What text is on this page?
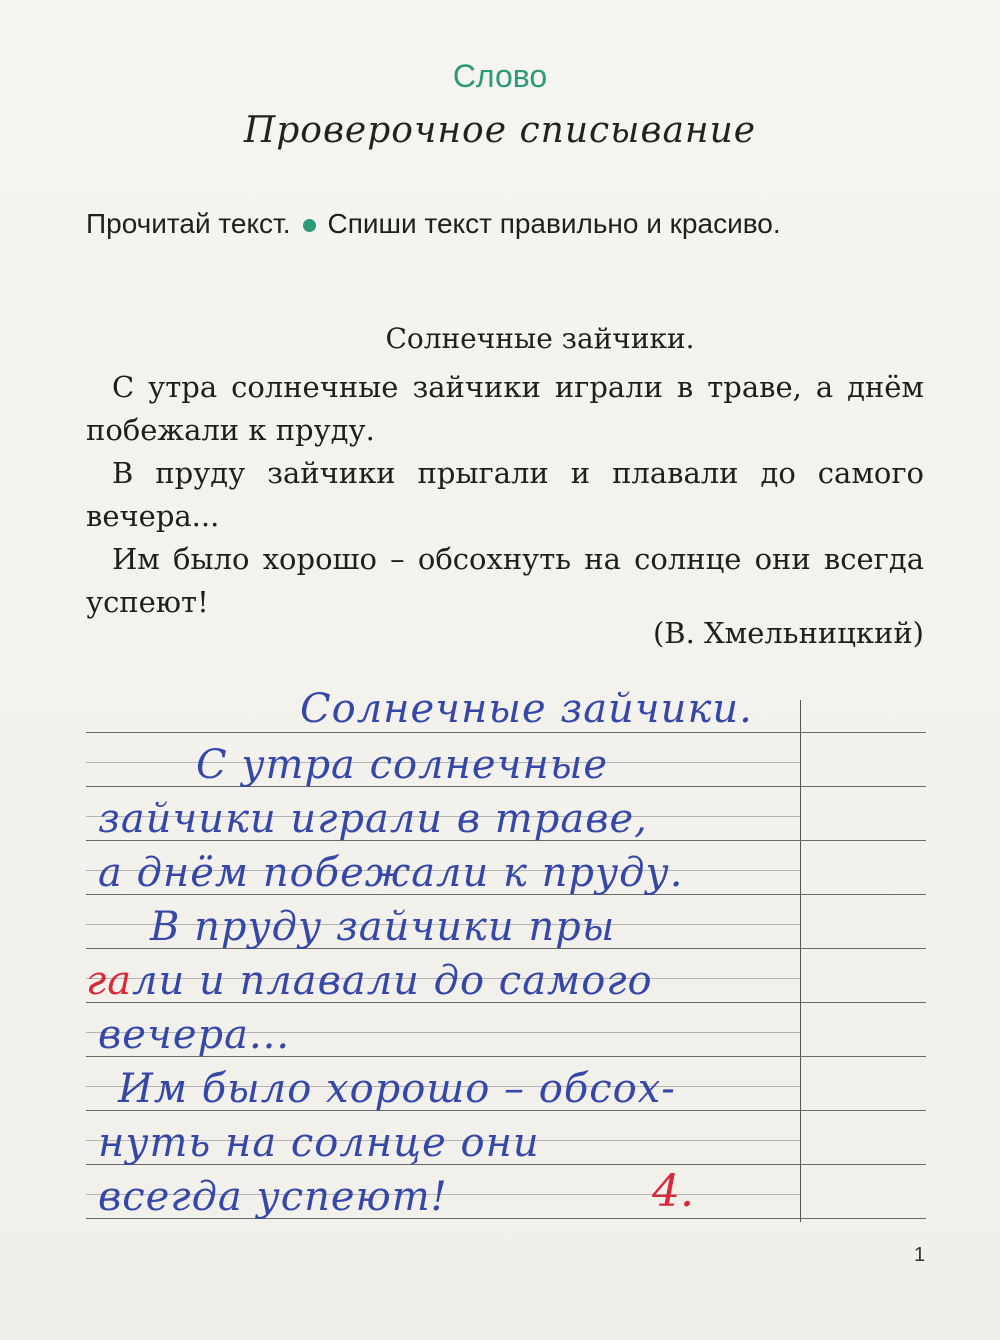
Слово
Проверочное списывание
Прочитай текст. Спиши текст правильно и красиво.
Солнечные зайчики.
С утра солнечные зайчики играли в траве, а днём побежали к пруду.
В пруду зайчики прыгали и плавали до самого вечера...
Им было хорошо – обсохнуть на солнце они всегда успеют!
(В. Хмельницкий)
Солнечные зайчики.
С утра солнечные
зайчики играли в траве,
а днём побежали к пруду.
В пруду зайчики пры
гали и плавали до самого
вечера...
Им было хорошо – обсох-
нуть на солнце они
всегда успеют!	4.
1
